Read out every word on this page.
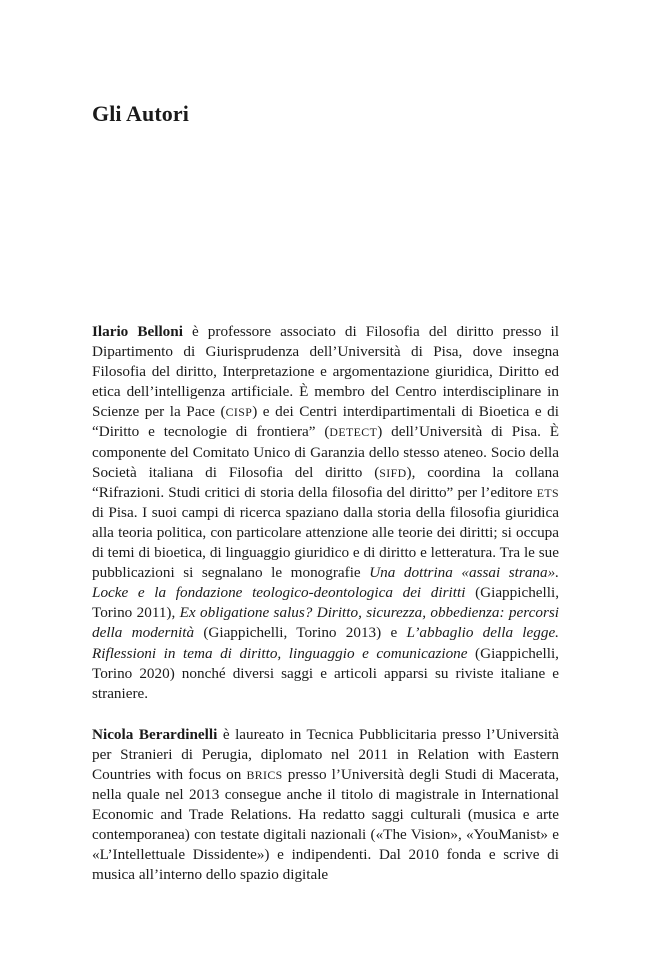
Gli Autori

Ilario Belloni è professore associato di Filosofia del diritto presso il Dipartimento di Giurisprudenza dell’Università di Pisa, dove insegna Filosofia del diritto, Interpretazione e argomentazione giuridica, Diritto ed etica dell’intelligenza artificiale. È membro del Centro interdisciplinare in Scienze per la Pace (CISP) e dei Centri interdipartimentali di Bioetica e di “Diritto e tecnologie di frontiera” (DETECT) dell’Università di Pisa. È componente del Comitato Unico di Garanzia dello stesso ateneo. Socio della Società italiana di Filosofia del diritto (SIFD), coordina la collana “Rifrazioni. Studi critici di storia della filosofia del diritto” per l’editore ETS di Pisa. I suoi campi di ricerca spaziano dalla storia della filosofia giuridica alla teoria politica, con particolare attenzione alle teorie dei diritti; si occupa di temi di bioetica, di linguaggio giuridico e di diritto e letteratura. Tra le sue pubblicazioni si segnalano le monografie Una dottrina «assai strana». Locke e la fondazione teologico-deontologica dei diritti (Giappichelli, Torino 2011), Ex obligatione salus? Diritto, sicurezza, obbedienza: percorsi della modernità (Giappichelli, Torino 2013) e L’abbaglio della legge. Riflessioni in tema di diritto, linguaggio e comunicazione (Giappichelli, Torino 2020) nonché diversi saggi e articoli apparsi su riviste italiane e straniere.

Nicola Berardinelli è laureato in Tecnica Pubblicitaria presso l’Università per Stranieri di Perugia, diplomato nel 2011 in Relation with Eastern Countries with focus on BRICS presso l’Università degli Studi di Macerata, nella quale nel 2013 consegue anche il titolo di magistrale in International Economic and Trade Relations. Ha redatto saggi culturali (musica e arte contemporanea) con testate digitali nazionali («The Vision», «YouManist» e «L’Intellettuale Dissidente») e indipendenti. Dal 2010 fonda e scrive di musica all’interno dello spazio digitale
